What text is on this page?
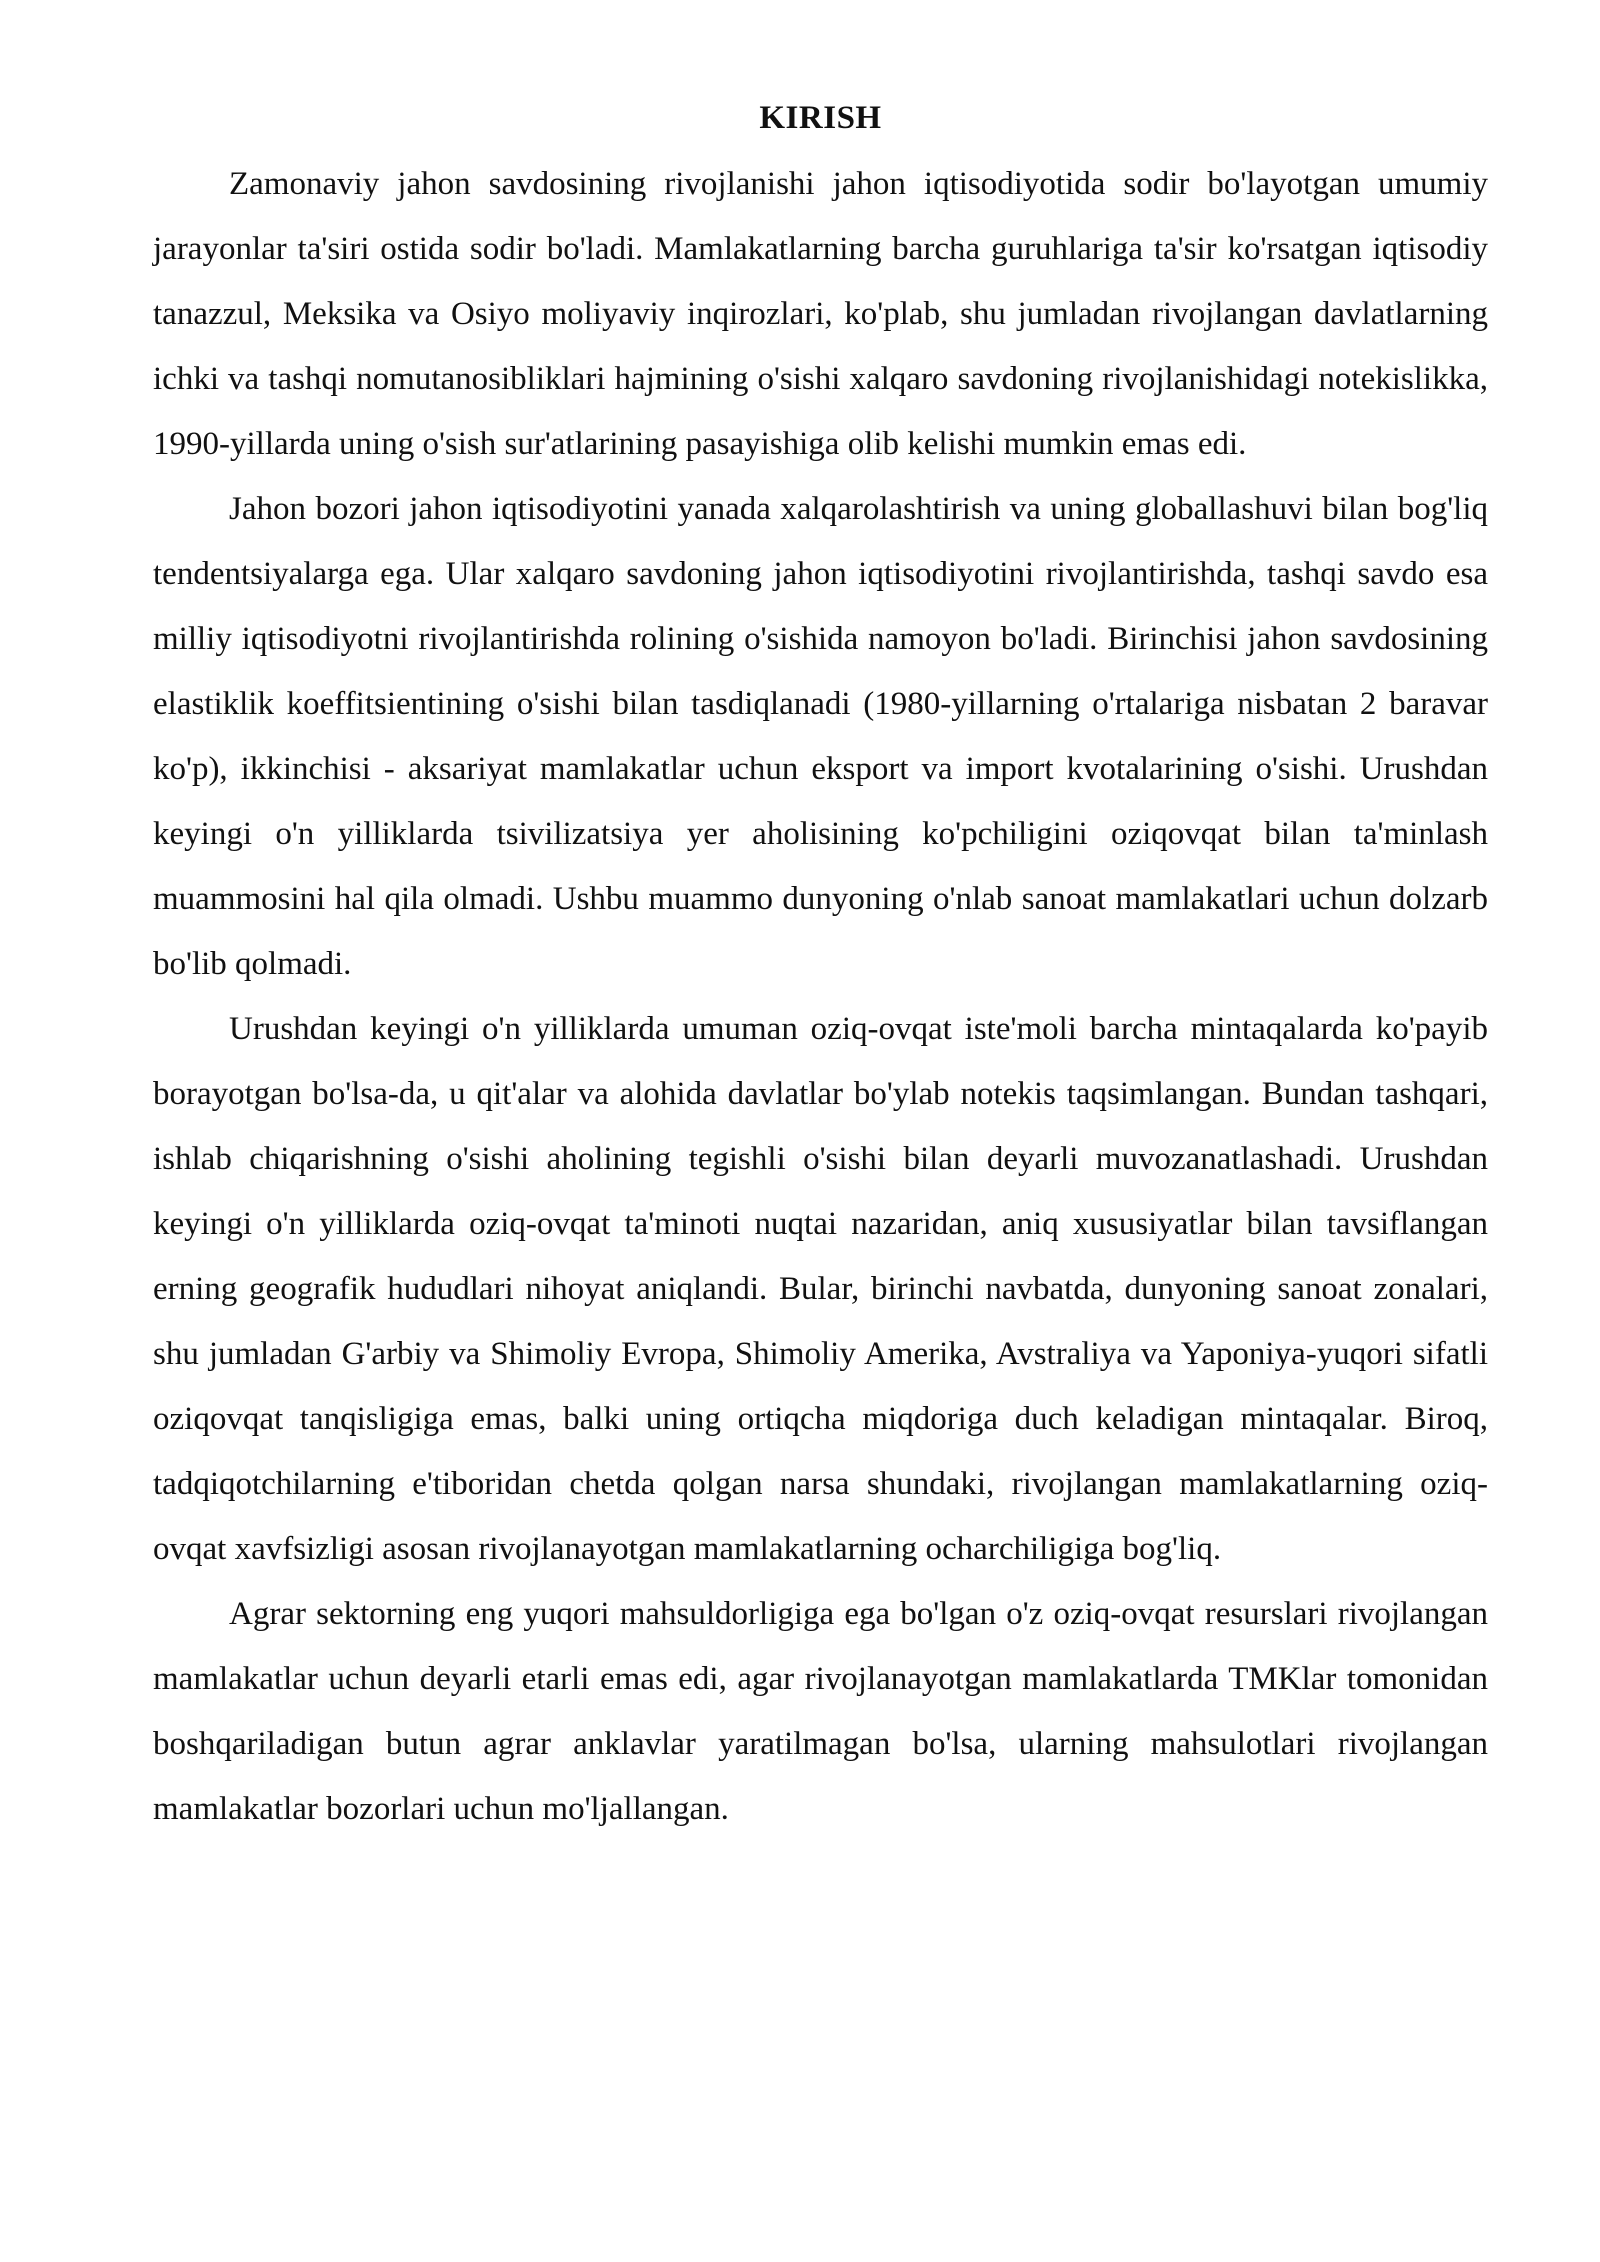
KIRISH

Zamonaviy jahon savdosining rivojlanishi jahon iqtisodiyotida sodir bo'layotgan umumiy jarayonlar ta'siri ostida sodir bo'ladi. Mamlakatlarning barcha guruhlariga ta'sir ko'rsatgan iqtisodiy tanazzul, Meksika va Osiyo moliyaviy inqirozlari, ko'plab, shu jumladan rivojlangan davlatlarning ichki va tashqi nomutanosibliklari hajmining o'sishi xalqaro savdoning rivojlanishidagi notekislikka, 1990-yillarda uning o'sish sur'atlarining pasayishiga olib kelishi mumkin emas edi.

Jahon bozori jahon iqtisodiyotini yanada xalqarolashtirish va uning globallashuvi bilan bog'liq tendentsiyalarga ega. Ular xalqaro savdoning jahon iqtisodiyotini rivojlantirishda, tashqi savdo esa milliy iqtisodiyotni rivojlantirishda rolining o'sishida namoyon bo'ladi. Birinchisi jahon savdosining elastiklik koeffitsientining o'sishi bilan tasdiqlanadi (1980-yillarning o'rtalariga nisbatan 2 baravar ko'p), ikkinchisi - aksariyat mamlakatlar uchun eksport va import kvotalarining o'sishi. Urushdan keyingi o'n yilliklarda tsivilizatsiya yer aholisining ko'pchiligini oziqovqat bilan ta'minlash muammosini hal qila olmadi. Ushbu muammo dunyoning o'nlab sanoat mamlakatlari uchun dolzarb bo'lib qolmadi.

Urushdan keyingi o'n yilliklarda umuman oziq-ovqat iste'moli barcha mintaqalarda ko'payib borayotgan bo'lsa-da, u qit'alar va alohida davlatlar bo'ylab notekis taqsimlangan. Bundan tashqari, ishlab chiqarishning o'sishi aholining tegishli o'sishi bilan deyarli muvozanatlashadi. Urushdan keyingi o'n yilliklarda oziq-ovqat ta'minoti nuqtai nazaridan, aniq xususiyatlar bilan tavsiflangan erning geografik hududlari nihoyat aniqlandi. Bular, birinchi navbatda, dunyoning sanoat zonalari, shu jumladan G'arbiy va Shimoliy Evropa, Shimoliy Amerika, Avstraliya va Yaponiya-yuqori sifatli oziqovqat tanqisligiga emas, balki uning ortiqcha miqdoriga duch keladigan mintaqalar. Biroq, tadqiqotchilarning e'tiboridan chetda qolgan narsa shundaki, rivojlangan mamlakatlarning oziq-ovqat xavfsizligi asosan rivojlanayotgan mamlakatlarning ocharchiligiga bog'liq.

Agrar sektorning eng yuqori mahsuldorligiga ega bo'lgan o'z oziq-ovqat resurslari rivojlangan mamlakatlar uchun deyarli etarli emas edi, agar rivojlanayotgan mamlakatlarda TMKlar tomonidan boshqariladigan butun agrar anklavlar yaratilmagan bo'lsa, ularning mahsulotlari rivojlangan mamlakatlar bozorlari uchun mo'ljallangan.
